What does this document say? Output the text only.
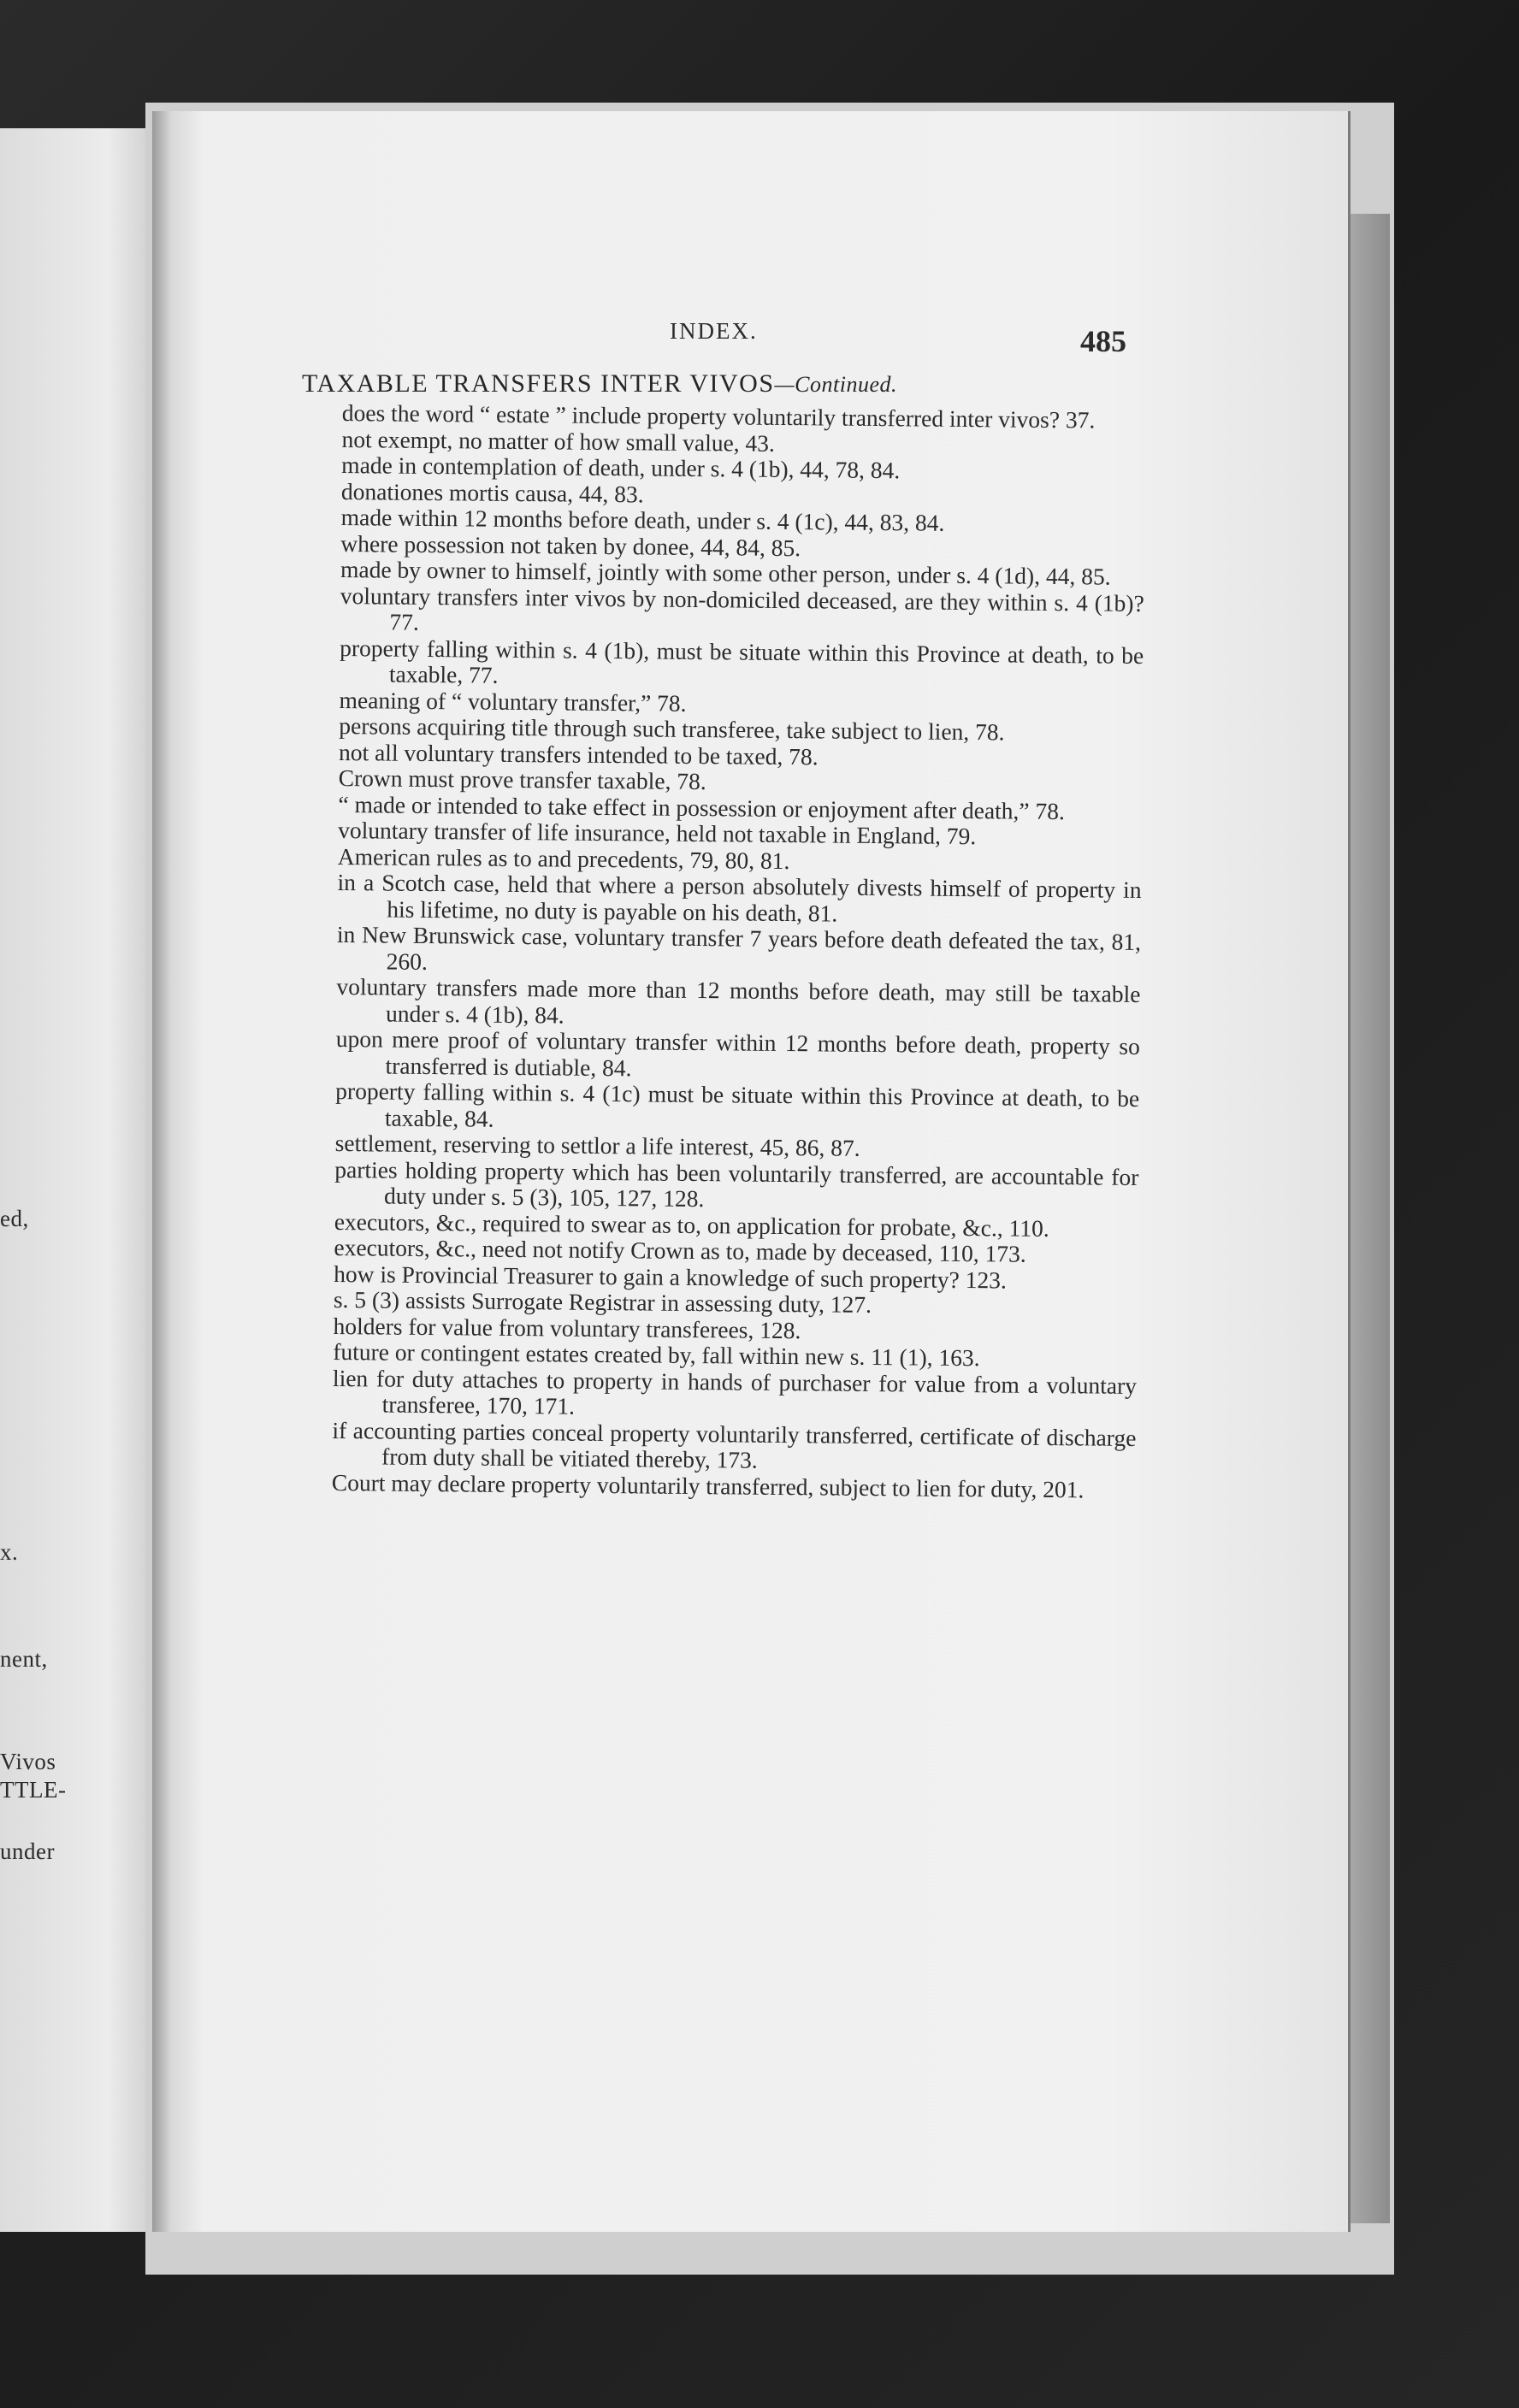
ed,
x.
nent,
Vivos
TTLE-
under
INDEX.	485
TAXABLE TRANSFERS INTER VIVOS—Continued.

does the word “ estate ” include property voluntarily transferred inter vivos? 37.

not exempt, no matter of how small value, 43.

made in contemplation of death, under s. 4 (1b), 44, 78, 84.

donationes mortis causa, 44, 83.

made within 12 months before death, under s. 4 (1c), 44, 83, 84.

where possession not taken by donee, 44, 84, 85.

made by owner to himself, jointly with some other person, under s. 4 (1d), 44, 85.

voluntary transfers inter vivos by non-domiciled deceased, are they within s. 4 (1b)? 77.

property falling within s. 4 (1b), must be situate within this Province at death, to be taxable, 77.

meaning of “ voluntary transfer,” 78.

persons acquiring title through such transferee, take subject to lien, 78.

not all voluntary transfers intended to be taxed, 78.

Crown must prove transfer taxable, 78.

“ made or intended to take effect in possession or enjoyment after death,” 78.

voluntary transfer of life insurance, held not taxable in England, 79.

American rules as to and precedents, 79, 80, 81.

in a Scotch case, held that where a person absolutely divests himself of property in his lifetime, no duty is payable on his death, 81.

in New Brunswick case, voluntary transfer 7 years before death defeated the tax, 81, 260.

voluntary transfers made more than 12 months before death, may still be taxable under s. 4 (1b), 84.

upon mere proof of voluntary transfer within 12 months before death, property so transferred is dutiable, 84.

property falling within s. 4 (1c) must be situate within this Province at death, to be taxable, 84.

settlement, reserving to settlor a life interest, 45, 86, 87.

parties holding property which has been voluntarily transferred, are accountable for duty under s. 5 (3), 105, 127, 128.

executors, &c., required to swear as to, on application for probate, &c., 110.

executors, &c., need not notify Crown as to, made by deceased, 110, 173.

how is Provincial Treasurer to gain a knowledge of such property? 123.

s. 5 (3) assists Surrogate Registrar in assessing duty, 127.

holders for value from voluntary transferees, 128.

future or contingent estates created by, fall within new s. 11 (1), 163.

lien for duty attaches to property in hands of purchaser for value from a voluntary transferee, 170, 171.

if accounting parties conceal property voluntarily transferred, certificate of discharge from duty shall be vitiated thereby, 173.

Court may declare property voluntarily transferred, subject to lien for duty, 201.
